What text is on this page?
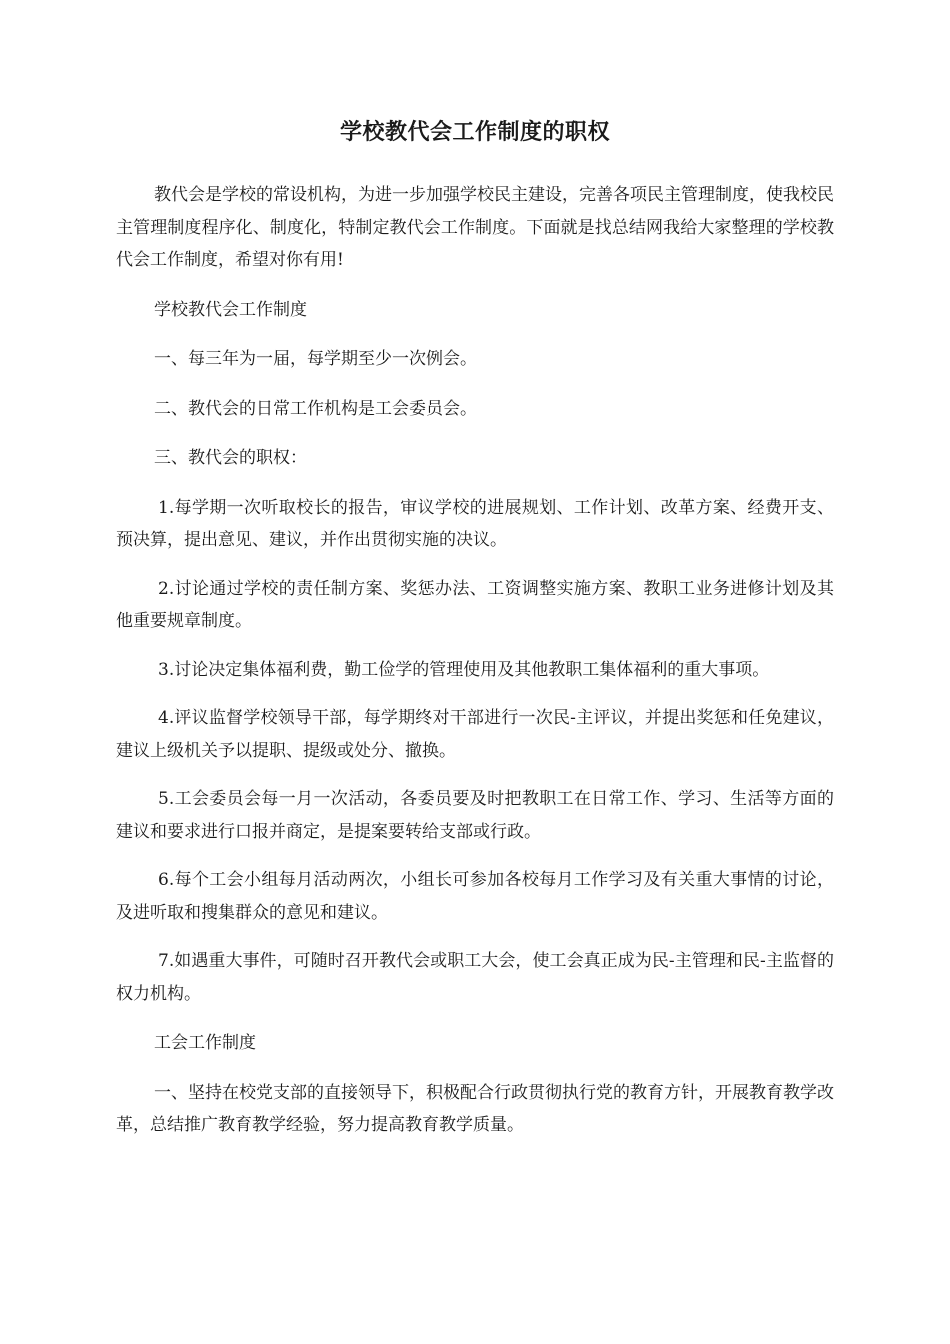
学校教代会工作制度的职权

教代会是学校的常设机构，为进一步加强学校民主建设，完善各项民主管理制度，使我校民主管理制度程序化、制度化，特制定教代会工作制度。下面就是找总结网我给大家整理的学校教代会工作制度，希望对你有用!

学校教代会工作制度

一、每三年为一届，每学期至少一次例会。

二、教代会的日常工作机构是工会委员会。

三、教代会的职权：

1.每学期一次听取校长的报告，审议学校的进展规划、工作计划、改革方案、经费开支、预决算，提出意见、建议，并作出贯彻实施的决议。

2.讨论通过学校的责任制方案、奖惩办法、工资调整实施方案、教职工业务进修计划及其他重要规章制度。

3.讨论决定集体福利费，勤工俭学的管理使用及其他教职工集体福利的重大事项。

4.评议监督学校领导干部，每学期终对干部进行一次民-主评议，并提出奖惩和任免建议，建议上级机关予以提职、提级或处分、撤换。

5.工会委员会每一月一次活动，各委员要及时把教职工在日常工作、学习、生活等方面的建议和要求进行口报并商定，是提案要转给支部或行政。

6.每个工会小组每月活动两次，小组长可参加各校每月工作学习及有关重大事情的讨论，及进听取和搜集群众的意见和建议。

7.如遇重大事件，可随时召开教代会或职工大会，使工会真正成为民-主管理和民-主监督的权力机构。

工会工作制度

一、坚持在校党支部的直接领导下，积极配合行政贯彻执行党的教育方针，开展教育教学改革，总结推广教育教学经验，努力提高教育教学质量。
